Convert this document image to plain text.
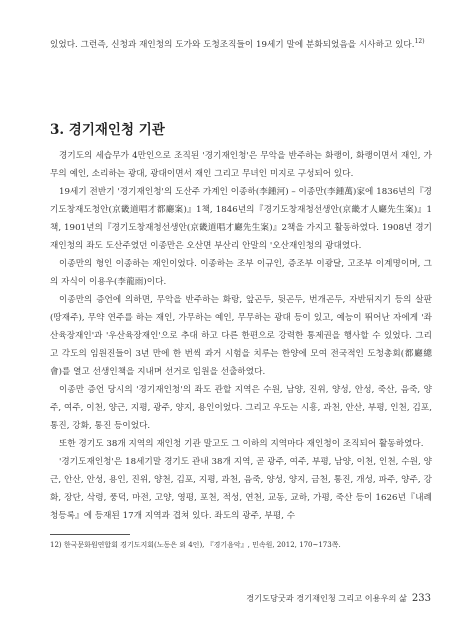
있었다. 그런즉, 신청과 재인청의 도가와 도청조직들이 19세기 말에 분화되었음을 시사하고 있다.$^{12)}$

3. 경기재인청 기관

경기도의 세습무가 4만인으로 조직된 '경기재인청'은 무악을 반주하는 화랭이, 화랭이면서 재인, 가무의 예인, 소리하는 광대, 광대이면서 재인 그리고 무녀인 미지로 구성되어 있다.

19세기 전반기 '경기재인청'의 도산주 가계인 이종하(李鍾河) – 이종만(李鍾萬)家에 1836년의『경기도창재도청안(京畿道唱才都廳案)』1책, 1846년의『경기도창재청선생안(京畿才人廳先生案)』1책, 1901년의『경기도창재청선생안(京畿道唱才廳先生案)』2책을 가지고 활동하였다. 1908년 경기재인청의 좌도 도산주였던 이종만은 오산면 부산리 안말의 '오산재인청의 광대였다.

이종만의 형인 이종하는 재인이었다. 이종하는 조부 이규인, 증조부 이광달, 고조부 이계명이며, 그의 자식이 이용우(李龍雨)이다.

이종만의 증언에 의하면, 무악을 반주하는 화랑, 앞곤두, 뒷곤두, 번개곤두, 자반뒤지기 등의 살판(땅재주), 무약 연주를 하는 재인, 가무하는 예인, 무무하는 광대 등이 있고, 예능이 뛰어난 자에게 '좌산육장재인'과 '우산육장재인'으로 추대 하고 다른 한편으로 강력한 통제권을 행사할 수 있었다. 그리고 각도의 임원진들이 3년 만에 한 번씩 과거 시험을 치루는 한양에 모여 전국적인 도청총회(都廳總會)를 열고 선생인책을 지내며 선거로 임원을 선출하였다.

이종만 증언 당시의 '경기재인청'의 좌도 관할 지역은 수원, 남양, 진위, 양성, 안성, 죽산, 음죽, 양주, 여주, 이천, 양근, 지평, 광주, 양지, 용인이었다. 그리고 우도는 시흥, 과천, 안산, 부평, 인천, 김포, 통진, 강화, 통진 등이었다.

또한 경기도 38개 지역의 재인청 기관 말고도 그 이하의 지역마다 재인청이 조직되어 활동하였다.

12) 한국문화원연합회 경기도지회(노동은 외 4인), 『경기음악』, 민속원, 2012, 170~173쪽.

경기도당굿과 경기재인청 그리고 이용우의 삶 233

'경기도재인청'은 18세기말 경기도 관내 38개 지역, 곧 광주, 여주, 부평, 남양, 이천, 인천, 수원, 양근, 안산, 안성, 용인, 진위, 양천, 김포, 지평, 과천, 음죽, 양성, 양지, 금천, 통진, 개성, 파주, 양주, 강화, 장단, 삭령, 풍덕, 마전, 고양, 영평, 포천, 적성, 연천, 교동, 교하, 가평, 죽산 등이 1626년『내례청등록』에 등재된 17개 지역과 겹쳐 있다. 좌도의 광주, 부평, 수
